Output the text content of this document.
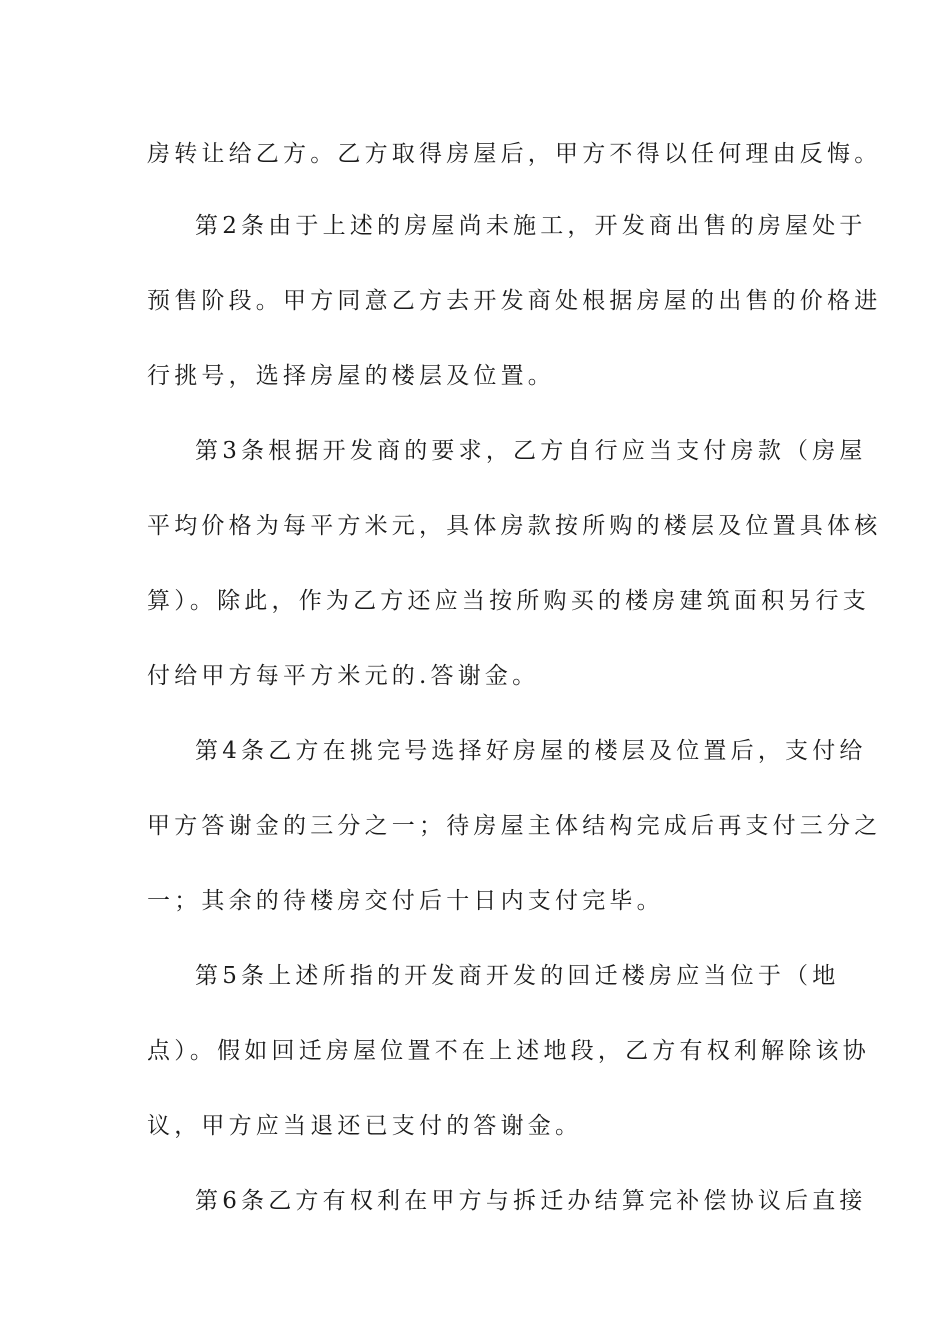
房转让给乙方。乙方取得房屋后，甲方不得以任何理由反悔。
第2条由于上述的房屋尚未施工，开发商出售的房屋处于
预售阶段。甲方同意乙方去开发商处根据房屋的出售的价格进
行挑号，选择房屋的楼层及位置。
第3条根据开发商的要求，乙方自行应当支付房款（房屋
平均价格为每平方米元，具体房款按所购的楼层及位置具体核
算）。除此，作为乙方还应当按所购买的楼房建筑面积另行支
付给甲方每平方米元的.答谢金。
第4条乙方在挑完号选择好房屋的楼层及位置后，支付给
甲方答谢金的三分之一；待房屋主体结构完成后再支付三分之
一；其余的待楼房交付后十日内支付完毕。
第5条上述所指的开发商开发的回迁楼房应当位于（地
点）。假如回迁房屋位置不在上述地段，乙方有权利解除该协
议，甲方应当退还已支付的答谢金。
第6条乙方有权利在甲方与拆迁办结算完补偿协议后直接
